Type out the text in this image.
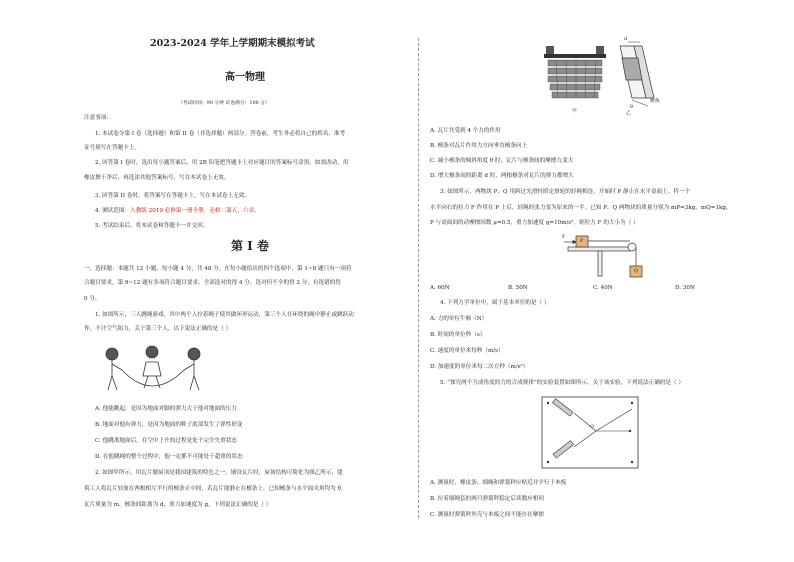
2023-2024 学年上学期期末模拟考试
高一物理
（考试时间：90 分钟 试卷满分：100 分）
注意事项：
1. 本试卷分第 I 卷（选择题）和第 II 卷（非选择题）两部分。答卷前，考生务必将自己的姓名、准考
证号填写在答题卡上。
2. 回答第 I 卷时，选出每小题答案后，用 2B 铅笔把答题卡上对应题目的答案标号涂黑。如需改动，用
橡皮擦干净后，再选涂其他答案标号。写在本试卷上无效。
3. 回答第 II 卷时，将答案写在答题卡上。写在本试卷上无效。
4. 测试范围：人教版 2019 必修第一册全册，必修二第五、六章。
5. 考试结束后，将本试卷和答题卡一并交回。
第 I 卷
一、选择题：本题共 12 小题，每小题 4 分，共 48 分。在每小题给出的四个选项中，第 1~8 题只有一项符
合题目要求，第 9~12 题有多项符合题目要求。全部选对的得 4 分，选对但不全的得 2 分，有选错的得
0 分。
1. 如图所示，三人跳绳游戏，其中两个人拉着绳子使其做环形运动，第三个人在环绕的绳中静止或跳跃动
作，不计空气阻力，关于第三个人，以下说法正确的是（ ）
A. 他能跳起，是因为地面对脚的弹力大于他对地面的压力
B. 地面对他有弹力，是因为地面的鞋子底部发生了弹性形变
C. 他跳离地面后，在空中上升的过程是处于完全失重状态
D. 在他跳绳的整个过程中，他一定都不可能处于超重的状态
2. 如图甲所示，用瓦片做屋顶是我国建筑的特色之一。铺设瓦片时，屋顶结构可简化为图乙所示，建
筑工人将瓦片轻放在两根相互平行的檩条正中间，若瓦片能静止在檩条上。已知檩条与水平面夹角均为 θ，
瓦片质量为 m，檩条间距离为 d，重力加速度为 g，下列说法正确的是（ ）
甲
d
檩条
θ
乙
A. 瓦片共受到 4 个力的作用
B. 檩条对瓦片作用力方向垂直檩条向上
C. 减小檩条的倾斜角度 θ 时，瓦片与檩条间的摩擦力变大
D. 增大檩条间的距离 d 时，两根檩条对瓦片的弹力都增大
3. 如图所示，两物块 P、Q 用跨过光滑轻质定滑轮的轻绳相连，开始时 P 静止在水平桌面上。将一个
水平向右的拉力 F 作用在 P 上后，轻绳的张力变为原来的一半。已知 P、Q 两物块的质量分别为 mP=3kg、mQ=1kg，
P 与桌面间的动摩擦因数 μ=0.5，重力加速度 g=10m/s²。则拉力 F 的大小为（ ）
F
P
Q
A. 60N	B. 50N	C. 40N	D. 30N
4. 下列力学单位中，属于基本单位的是（ ）
A. 力的单位牛顿（N）
B. 时间的单位秒（s）
C. 速度的单位米每秒（m/s）
D. 加速度的单位米每二次方秒（m/s²）
5. “探究两个互成角度的力的合成规律”的实验装置如图所示，关于该实验，下列说法正确的是（ ）
O
A. 测量时，橡皮条、细绳和弹簧秤应贴近并平行于木板
B. 拉着细绳套的两只弹簧秤稳定后读数应相同
C. 测量时弹簧秤外壳与木板之间不能存在摩擦
